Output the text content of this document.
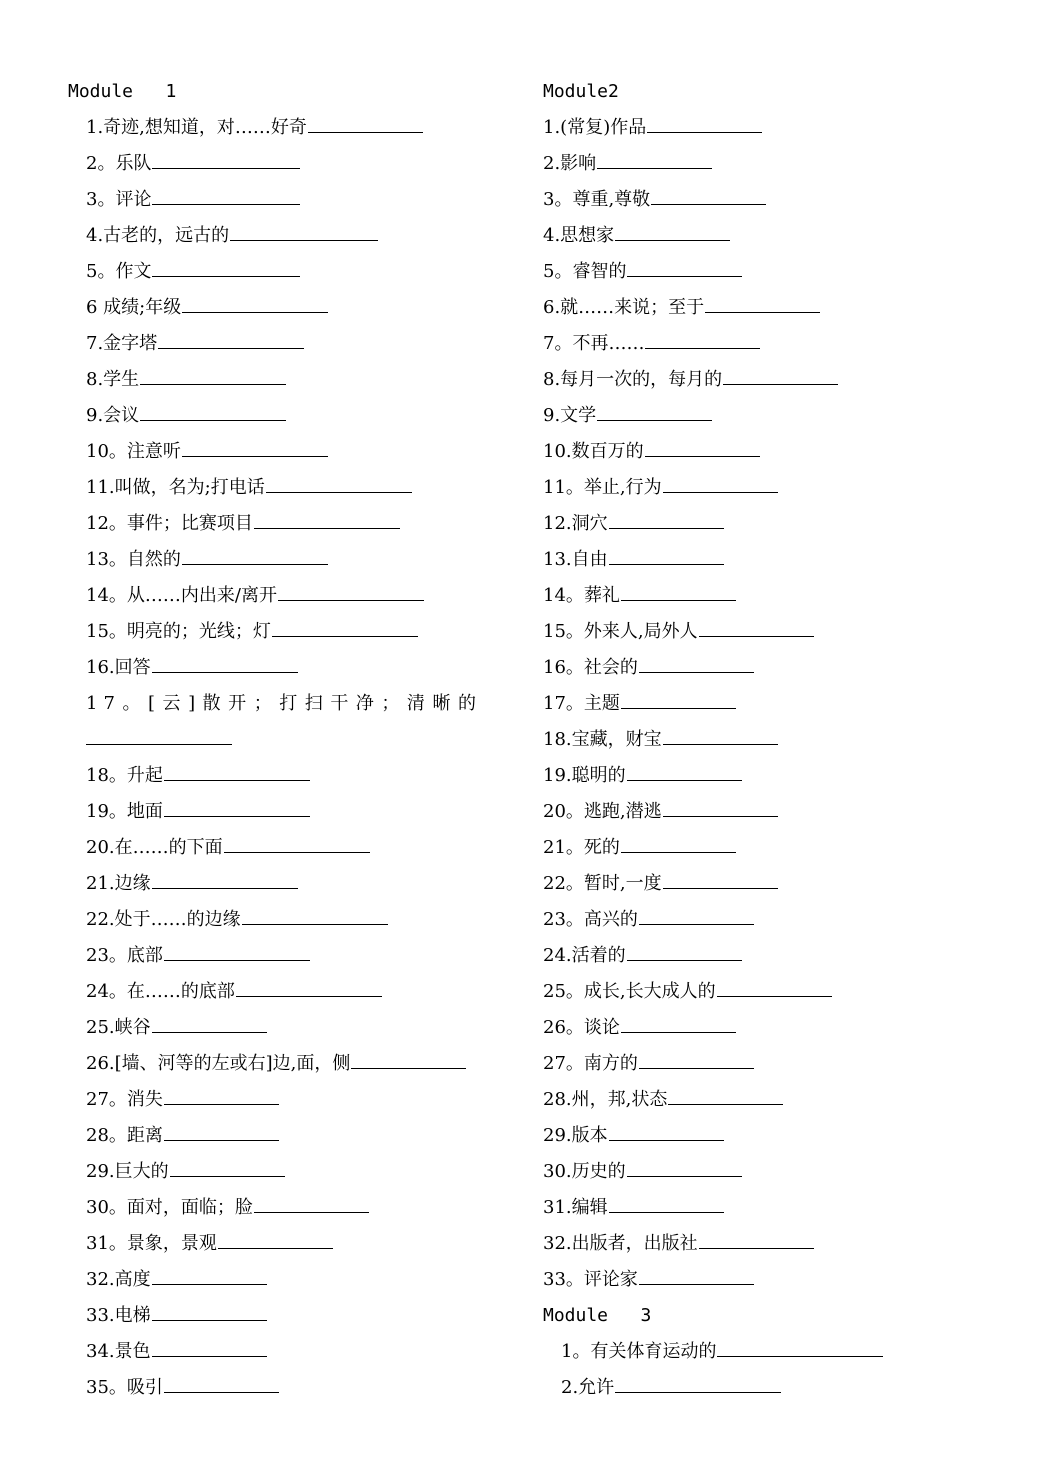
Module   1
1.奇迹,想知道，对……好奇
2。乐队
3。评论
4.古老的，远古的
5。作文
6 成绩;年级
7.金字塔
8.学生
9.会议
10。注意听
11.叫做，名为;打电话
12。事件；比赛项目
13。自然的
14。从……内出来/离开
15。明亮的；光线；灯
16.回答
17。[云]散开；打扫干净；清晰的
18。升起
19。地面
20.在……的下面
21.边缘
22.处于……的边缘
23。底部
24。在……的底部
25.峡谷
26.[墙、河等的左或右]边,面，侧
27。消失
28。距离
29.巨大的
30。面对，面临；脸
31。景象，景观
32.高度
33.电梯
34.景色
35。吸引
Module2
1.(常复)作品
2.影响
3。尊重,尊敬
4.思想家
5。睿智的
6.就……来说；至于
7。不再……
8.每月一次的，每月的
9.文学
10.数百万的
11。举止,行为
12.洞穴
13.自由
14。葬礼
15。外来人,局外人
16。社会的
17。主题
18.宝藏，财宝
19.聪明的
20。逃跑,潜逃
21。死的
22。暂时,一度
23。高兴的
24.活着的
25。成长,长大成人的
26。谈论
27。南方的
28.州，邦,状态
29.版本
30.历史的
31.编辑
32.出版者，出版社
33。评论家
Module   3
1。有关体育运动的
2.允许
